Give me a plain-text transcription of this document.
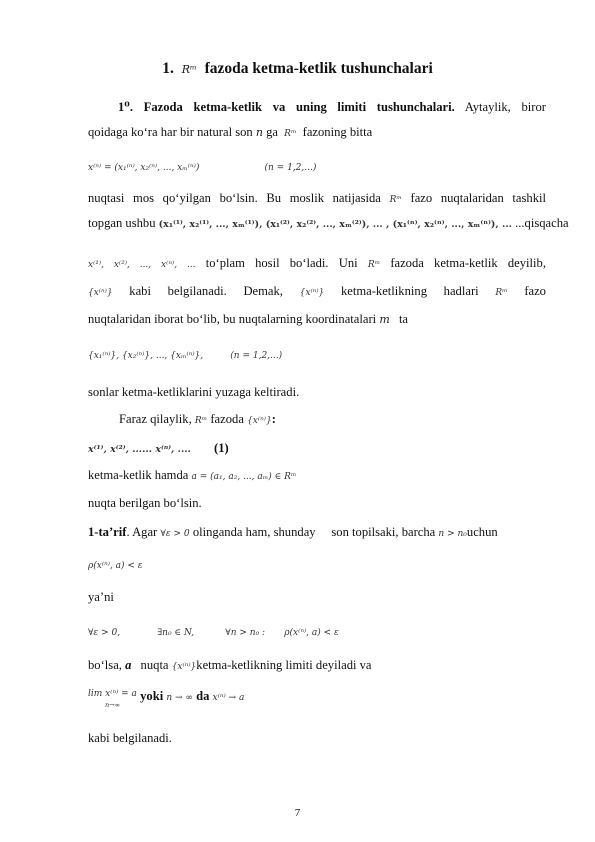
1. Rᵐ fazoda ketma-ketlik tushunchalari
1⁰. Fazoda ketma-ketlik va uning limiti tushunchalari. Aytaylik, biror
qoidaga ko‘ra har bir natural son n ga Rᵐ fazoning bitta
x⁽ⁿ⁾ = (x₁⁽ⁿ⁾, x₂⁽ⁿ⁾, ..., xₘ⁽ⁿ⁾)	(n = 1,2,...)
nuqtasi mos qo‘yilgan bo‘lsin. Bu moslik natijasida Rᵐ fazo nuqtalaridan tashkil
topgan ushbu (x₁⁽¹⁾, x₂⁽¹⁾, ..., xₘ⁽¹⁾), (x₁⁽²⁾, x₂⁽²⁾, ..., xₘ⁽²⁾), ... , (x₁⁽ⁿ⁾, x₂⁽ⁿ⁾, ..., xₘ⁽ⁿ⁾), ... ...qisqacha
x⁽¹⁾, x⁽²⁾, ..., x⁽ⁿ⁾, ... to‘plam hosil bo‘ladi. Uni Rᵐ fazoda ketma-ketlik deyilib,
{x⁽ⁿ⁾} kabi belgilanadi. Demak, {x⁽ⁿ⁾} ketma-ketlikning hadlari Rᵐ fazo
nuqtalaridan iborat bo‘lib, bu nuqtalarning koordinatalari m ta
{x₁⁽ⁿ⁾}, {x₂⁽ⁿ⁾}, ..., {xₘ⁽ⁿ⁾},	(n = 1,2,...)
sonlar ketma-ketliklarini yuzaga keltiradi.
Faraz qilaylik, Rᵐ fazoda {x⁽ⁿ⁾}:
x⁽¹⁾, x⁽²⁾, ...... x⁽ⁿ⁾, .... (1)
ketma-ketlik hamda a = (a₁, a₂, ..., aₘ) ∈ Rᵐ
nuqta berilgan bo‘lsin.
1-ta’rif. Agar ∀ε > 0 olinganda ham, shunday son topilsaki, barcha n > n₀uchun
ρ(x⁽ⁿ⁾, a) < ε
ya’ni
∀ε > 0,	∃n₀ ∈ N,	∀n > n₀ : ρ(x⁽ⁿ⁾, a) < ε
bo‘lsa, a nuqta {x⁽ⁿ⁾}ketma-ketlikning limiti deyiladi va
lim x⁽ⁿ⁾ = a
n→∞ yoki n → ∞ da x⁽ⁿ⁾ → a
kabi belgilanadi.
7
